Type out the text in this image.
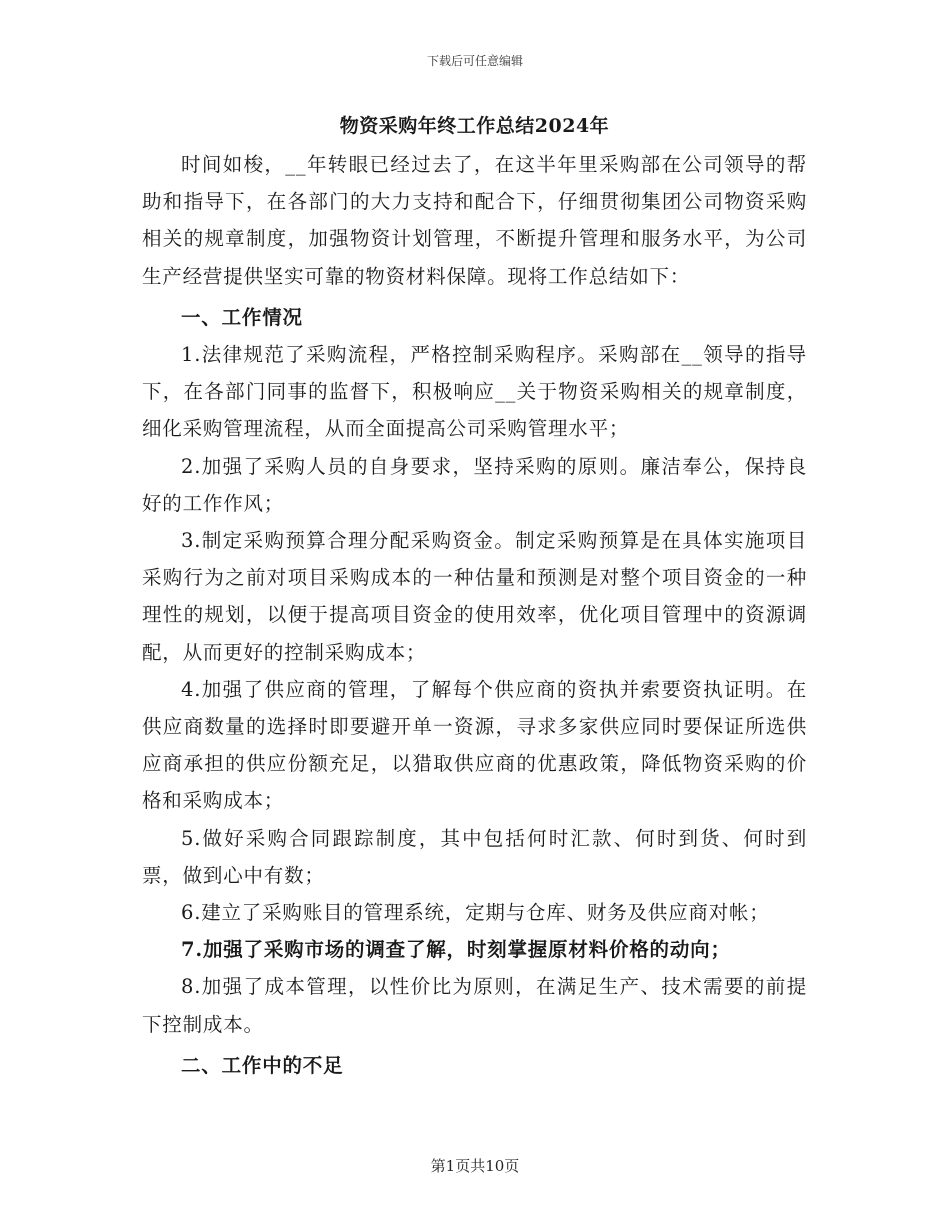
下载后可任意编辑
物资采购年终工作总结2024年

时间如梭，__年转眼已经过去了，在这半年里采购部在公司领导的帮助和指导下，在各部门的大力支持和配合下，仔细贯彻集团公司物资采购相关的规章制度，加强物资计划管理，不断提升管理和服务水平，为公司生产经营提供坚实可靠的物资材料保障。现将工作总结如下：

一、工作情况

1.法律规范了采购流程，严格控制采购程序。采购部在__领导的指导下，在各部门同事的监督下，积极响应__关于物资采购相关的规章制度，细化采购管理流程，从而全面提高公司采购管理水平；

2.加强了采购人员的自身要求，坚持采购的原则。廉洁奉公，保持良好的工作作风；

3.制定采购预算合理分配采购资金。制定采购预算是在具体实施项目采购行为之前对项目采购成本的一种估量和预测是对整个项目资金的一种理性的规划，以便于提高项目资金的使用效率，优化项目管理中的资源调配，从而更好的控制采购成本；

4.加强了供应商的管理，了解每个供应商的资执并索要资执证明。在供应商数量的选择时即要避开单一资源，寻求多家供应同时要保证所选供应商承担的供应份额充足，以猎取供应商的优惠政策，降低物资采购的价格和采购成本；

5.做好采购合同跟踪制度，其中包括何时汇款、何时到货、何时到票，做到心中有数；

6.建立了采购账目的管理系统，定期与仓库、财务及供应商对帐；

7.加强了采购市场的调查了解，时刻掌握原材料价格的动向；

8.加强了成本管理，以性价比为原则，在满足生产、技术需要的前提下控制成本。

二、工作中的不足

第1页共10页
